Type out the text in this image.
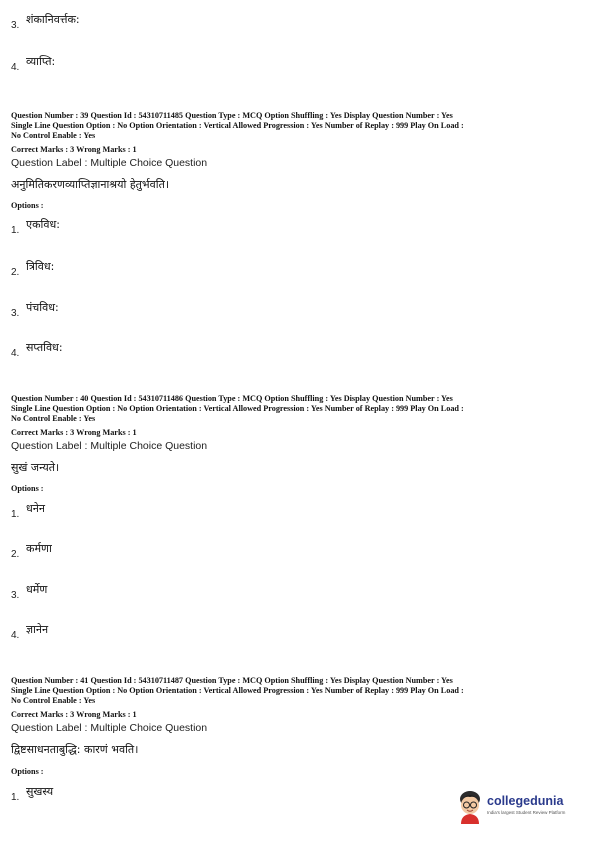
3. शंकानिवर्त्तक:
4. व्याप्ति:
Question Number : 39 Question Id : 54310711485 Question Type : MCQ Option Shuffling : Yes Display Question Number : Yes
Single Line Question Option : No Option Orientation : Vertical Allowed Progression : Yes Number of Replay : 999 Play On Load :
No Control Enable : Yes
Correct Marks : 3 Wrong Marks : 1
Question Label : Multiple Choice Question
अनुमितिकरणव्याप्तिज्ञानाश्रयो हेतुर्भवति।
Options :
1. एकविध:
2. त्रिविध:
3. पंचविध:
4. सप्तविध:
Question Number : 40 Question Id : 54310711486 Question Type : MCQ Option Shuffling : Yes Display Question Number : Yes
Single Line Question Option : No Option Orientation : Vertical Allowed Progression : Yes Number of Replay : 999 Play On Load :
No Control Enable : Yes
Correct Marks : 3 Wrong Marks : 1
Question Label : Multiple Choice Question
सुखं जन्यते।
Options :
1. धनेन
2. कर्मणा
3. धर्मेण
4. ज्ञानेन
Question Number : 41 Question Id : 54310711487 Question Type : MCQ Option Shuffling : Yes Display Question Number : Yes
Single Line Question Option : No Option Orientation : Vertical Allowed Progression : Yes Number of Replay : 999 Play On Load :
No Control Enable : Yes
Correct Marks : 3 Wrong Marks : 1
Question Label : Multiple Choice Question
द्विष्टसाधनताबुद्धि: कारणं भवति।
Options :
1. सुखस्य
collegedunia
India's largest Student Review Platform
